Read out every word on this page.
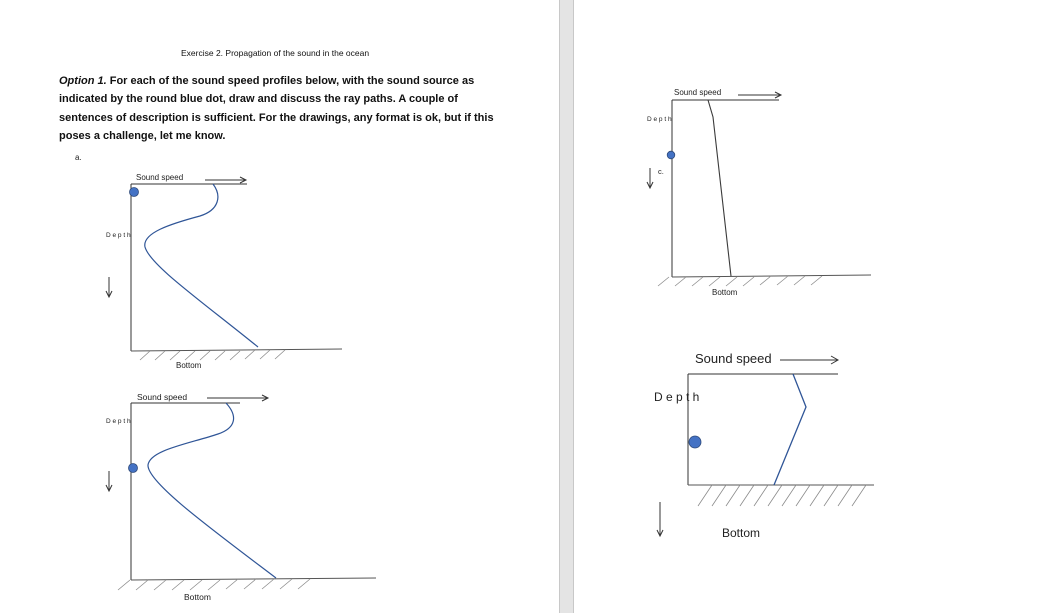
Exercise 2. Propagation of the sound in the ocean
Option 1. For each of the sound speed profiles below, with the sound source as indicated by the round blue dot, draw and discuss the ray paths. A couple of sentences of description is sufficient. For the drawings, any format is ok, but if this poses a challenge, let me know.
a.
Sound speed
Bottom
D e p t h
Sound speed
Bottom
D e p t h
Sound speed
c.
Bottom
D e p t h
Sound speed
Bottom
D e p t h
